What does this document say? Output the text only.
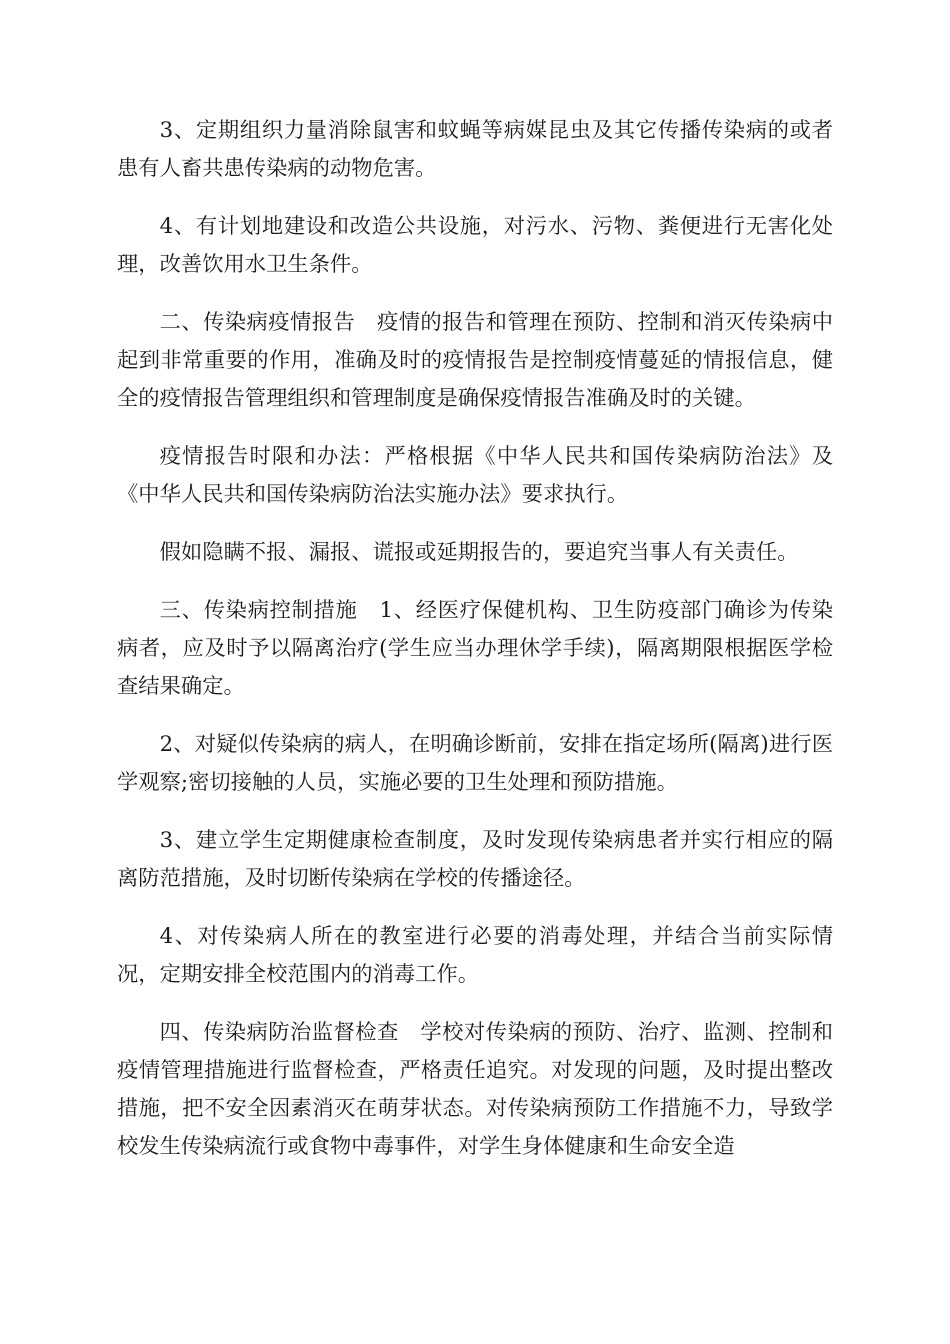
3、定期组织力量消除鼠害和蚊蝇等病媒昆虫及其它传播传染病的或者患有人畜共患传染病的动物危害。

4、有计划地建设和改造公共设施，对污水、污物、粪便进行无害化处理，改善饮用水卫生条件。

二、传染病疫情报告　疫情的报告和管理在预防、控制和消灭传染病中起到非常重要的作用，准确及时的疫情报告是控制疫情蔓延的情报信息，健全的疫情报告管理组织和管理制度是确保疫情报告准确及时的关键。

疫情报告时限和办法：严格根据《中华人民共和国传染病防治法》及《中华人民共和国传染病防治法实施办法》要求执行。

假如隐瞒不报、漏报、谎报或延期报告的，要追究当事人有关责任。

三、传染病控制措施　1、经医疗保健机构、卫生防疫部门确诊为传染病者，应及时予以隔离治疗(学生应当办理休学手续)，隔离期限根据医学检查结果确定。

2、对疑似传染病的病人，在明确诊断前，安排在指定场所(隔离)进行医学观察;密切接触的人员，实施必要的卫生处理和预防措施。

3、建立学生定期健康检查制度，及时发现传染病患者并实行相应的隔离防范措施，及时切断传染病在学校的传播途径。

4、对传染病人所在的教室进行必要的消毒处理，并结合当前实际情况，定期安排全校范围内的消毒工作。

四、传染病防治监督检查　学校对传染病的预防、治疗、监测、控制和疫情管理措施进行监督检查，严格责任追究。对发现的问题，及时提出整改措施，把不安全因素消灭在萌芽状态。对传染病预防工作措施不力，导致学校发生传染病流行或食物中毒事件，对学生身体健康和生命安全造
